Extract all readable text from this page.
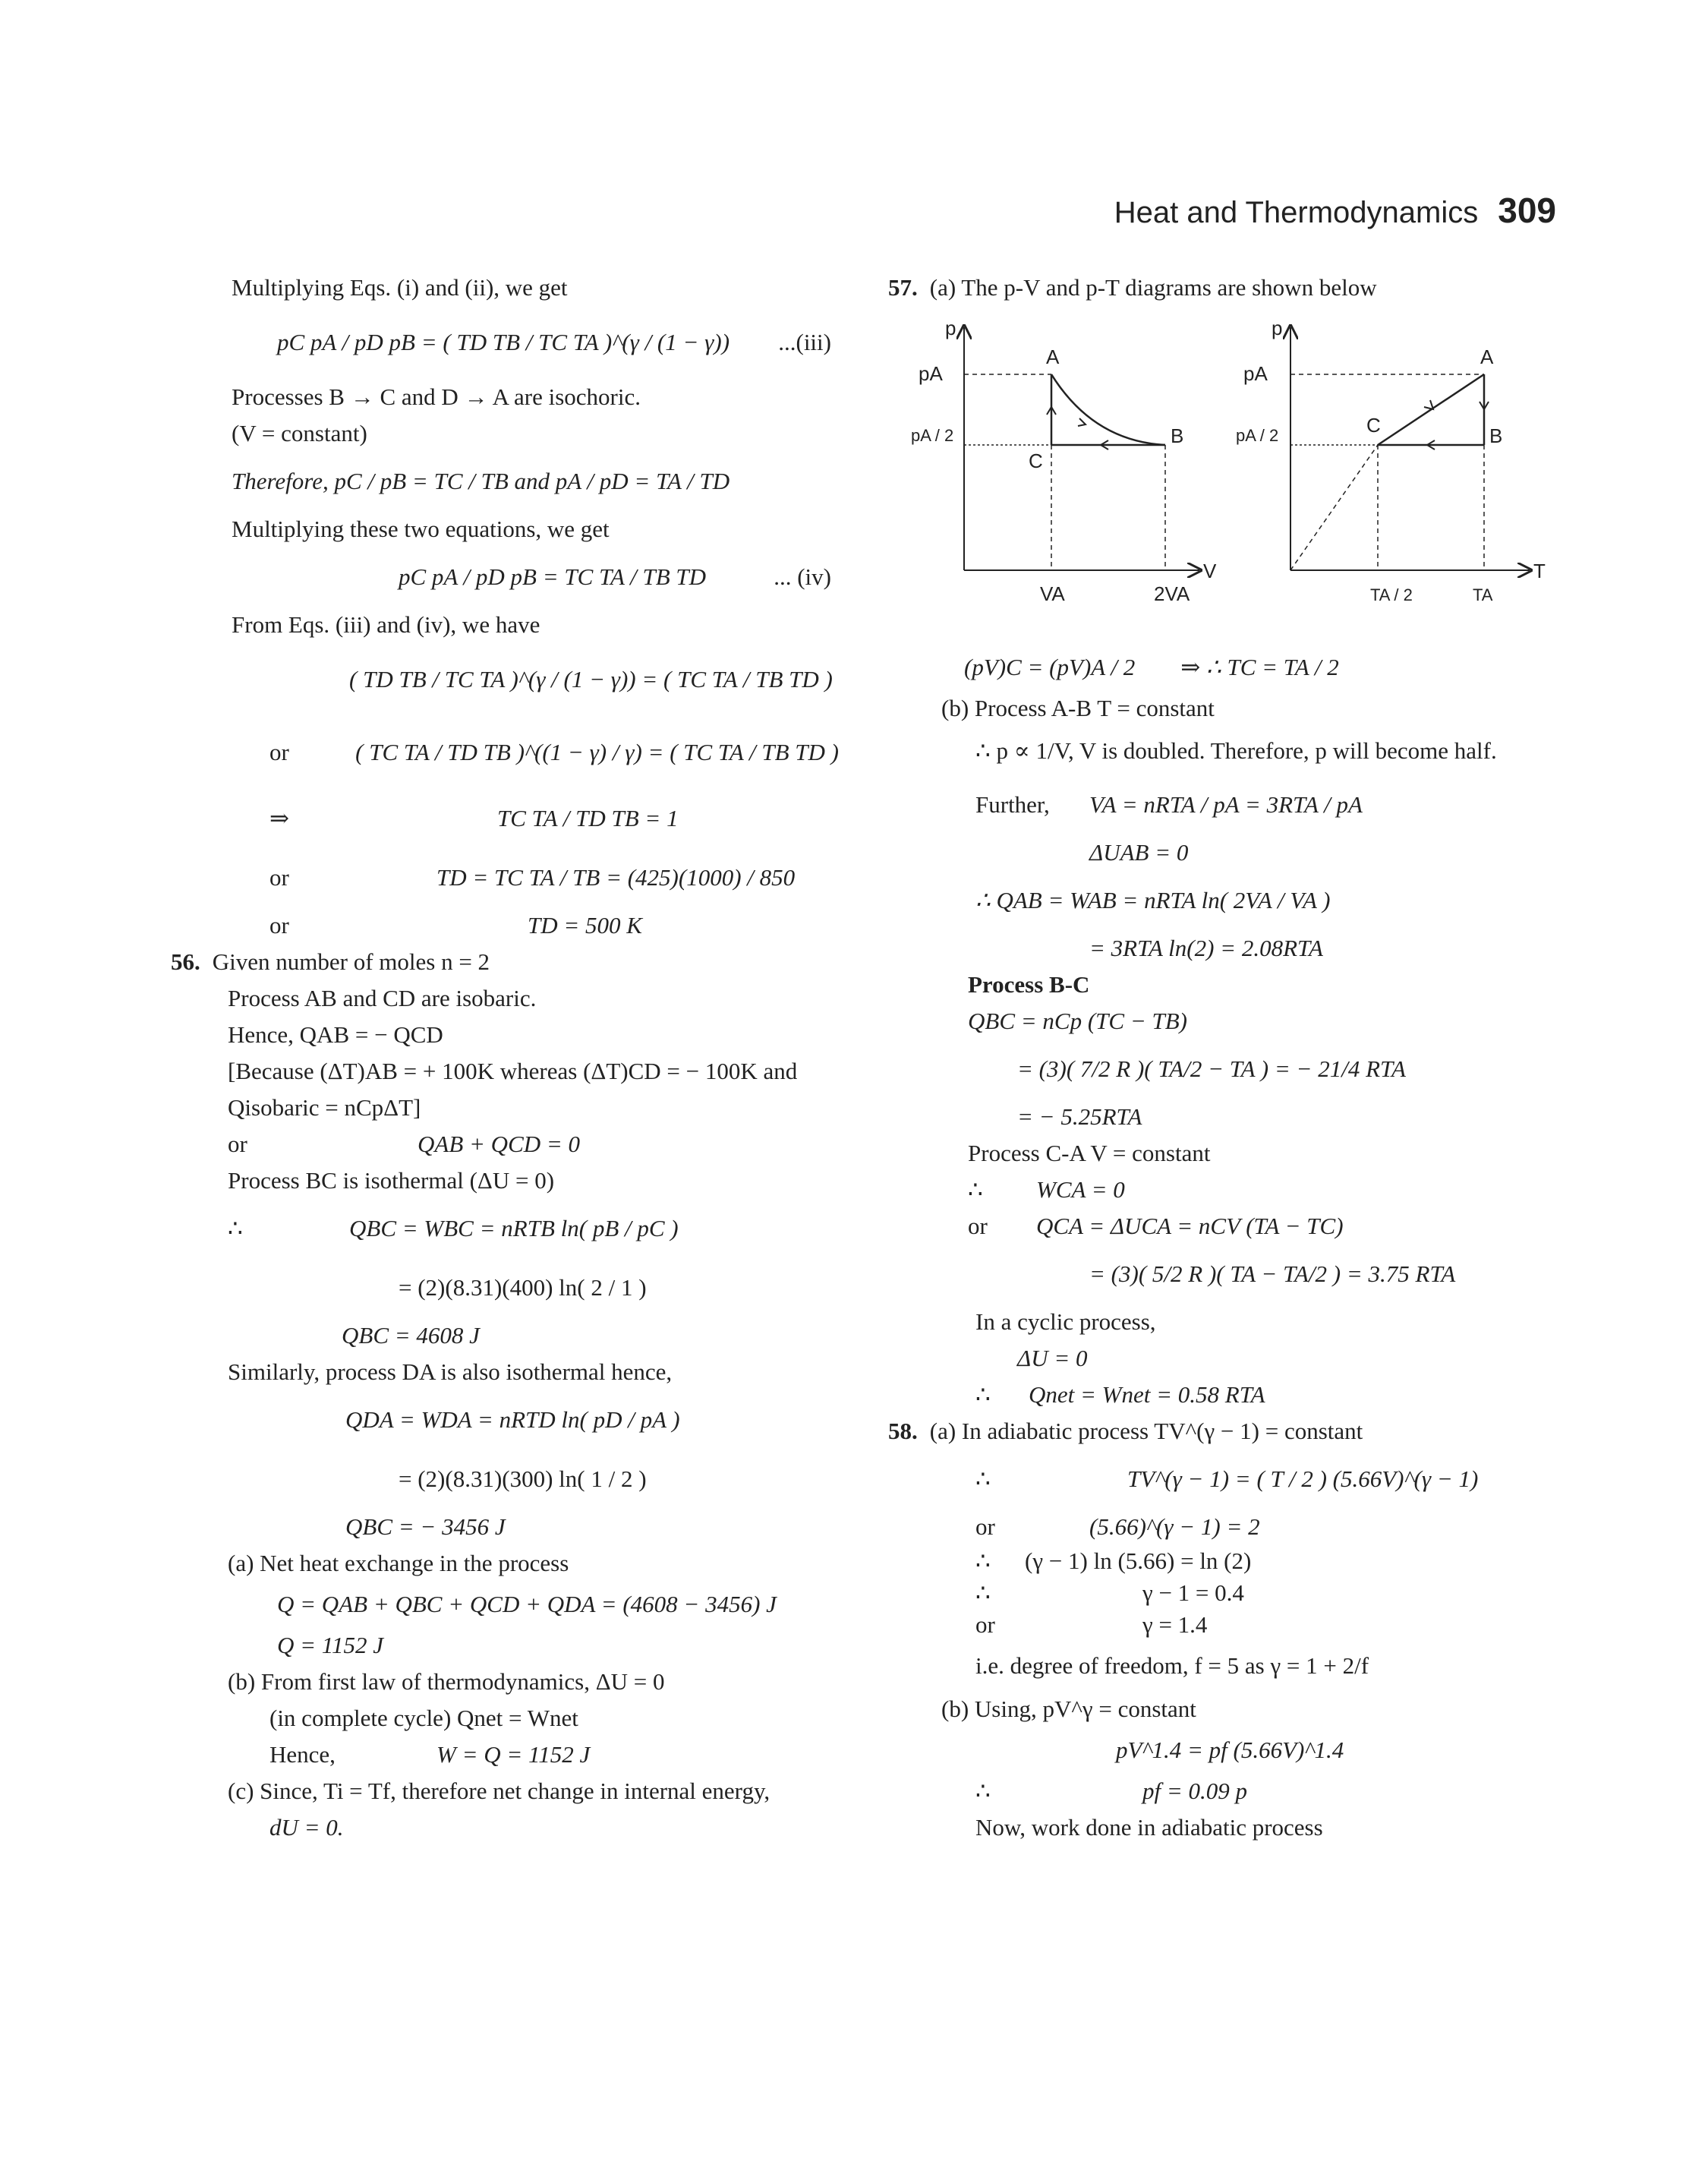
Heat and Thermodynamics 309
Multiplying Eqs. (i) and (ii), we get
pC pA / pD pB = ( TD TB / TC TA )^(γ / (1 − γ)) ...(iii)
Processes B → C and D → A are isochoric.
(V = constant)
Therefore, pC / pB = TC / TB and pA / pD = TA / TD
Multiplying these two equations, we get
pC pA / pD pB = TC TA / TB TD	... (iv)
From Eqs. (iii) and (iv), we have
( TD TB / TC TA )^(γ / (1 − γ)) = ( TC TA / TB TD )
or	( TC TA / TD TB )^((1 − γ) / γ) = ( TC TA / TB TD )
⇒	TC TA / TD TB = 1
or	TD = TC TA / TB = (425)(1000) / 850
or	TD = 500 K
56. Given number of moles n = 2
Process AB and CD are isobaric.
Hence, QAB = − QCD
[Because (ΔT)AB = + 100K whereas (ΔT)CD = − 100K and
Qisobaric = nCpΔT]
or	QAB + QCD = 0
Process BC is isothermal (ΔU = 0)
∴	QBC = WBC = nRTB ln( pB / pC )
= (2)(8.31)(400) ln( 2 / 1 )
QBC = 4608 J
Similarly, process DA is also isothermal hence,
QDA = WDA = nRTD ln( pD / pA )
= (2)(8.31)(300) ln( 1 / 2 )
QBC = − 3456 J
(a) Net heat exchange in the process
Q = QAB + QBC + QCD + QDA = (4608 − 3456) J
Q = 1152 J
(b) From first law of thermodynamics, ΔU = 0
(in complete cycle) Qnet = Wnet
Hence,	W = Q = 1152 J
(c) Since, Ti = Tf, therefore net change in internal energy,
dU = 0.
57. (a) The p-V and p-T diagrams are shown below
p
V
pA
pA / 2
VA	2VA
A
B
C
p
T
pA
pA / 2
TA / 2	TA
A
B
C
(pV)C = (pV)A / 2	⇒ ∴ TC = TA / 2
(b) Process A-B T = constant
∴ p ∝ 1/V, V is doubled. Therefore, p will become half.
Further,	VA = nRTA / pA = 3RTA / pA
ΔUAB = 0
∴ QAB = WAB = nRTA ln( 2VA / VA )
= 3RTA ln(2) = 2.08RTA
Process B-C
QBC = nCp (TC − TB)
= (3)( 7/2 R )( TA/2 − TA ) = − 21/4 RTA
= − 5.25RTA
Process C-A V = constant
∴	WCA = 0
or	QCA = ΔUCA = nCV (TA − TC)
= (3)( 5/2 R )( TA − TA/2 ) = 3.75 RTA
In a cyclic process,
ΔU = 0
∴	Qnet = Wnet = 0.58 RTA
58. (a) In adiabatic process TV^(γ − 1) = constant
∴	TV^(γ − 1) = ( T / 2 ) (5.66V)^(γ − 1)
or	(5.66)^(γ − 1) = 2
∴	(γ − 1) ln (5.66) = ln (2)
∴	γ − 1 = 0.4
or	γ = 1.4
i.e. degree of freedom, f = 5 as γ = 1 + 2/f
(b) Using, pV^γ = constant
pV^1.4 = pf (5.66V)^1.4
∴	pf = 0.09 p
Now, work done in adiabatic process
